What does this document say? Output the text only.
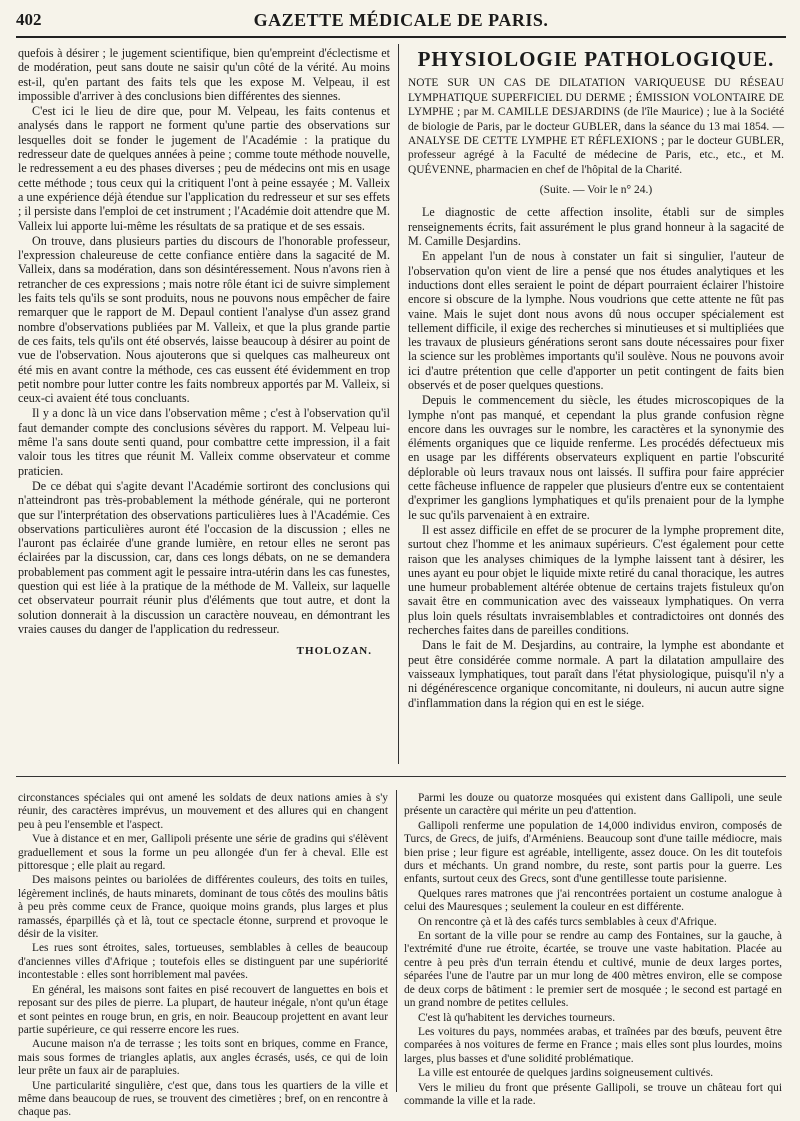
402	GAZETTE MÉDICALE DE PARIS.

quefois à désirer ; le jugement scientifique, bien qu'empreint d'éclectisme et de modération, peut sans doute ne saisir qu'un côté de la vérité. Au moins est-il, qu'en partant des faits tels que les expose M. Velpeau, il est impossible d'arriver à des conclusions bien différentes des siennes.

C'est ici le lieu de dire que, pour M. Velpeau, les faits contenus et analysés dans le rapport ne forment qu'une partie des observations sur lesquelles doit se fonder le jugement de l'Académie : la pratique du redresseur date de quelques années à peine ; comme toute méthode nouvelle, le redressement a eu des phases diverses ; peu de médecins ont mis en usage cette méthode ; tous ceux qui la critiquent l'ont à peine essayée ; M. Valleix a une expérience déjà étendue sur l'application du redresseur et sur ses effets ; il persiste dans l'emploi de cet instrument ; l'Académie doit attendre que M. Valleix lui apporte lui-même les résultats de sa pratique et de ses essais.

On trouve, dans plusieurs parties du discours de l'honorable professeur, l'expression chaleureuse de cette confiance entière dans la sagacité de M. Valleix, dans sa modération, dans son désintéressement. Nous n'avons rien à retrancher de ces expressions ; mais notre rôle étant ici de suivre simplement les faits tels qu'ils se sont produits, nous ne pouvons nous empêcher de faire remarquer que le rapport de M. Depaul contient l'analyse d'un assez grand nombre d'observations publiées par M. Valleix, et que la plus grande partie de ces faits, tels qu'ils ont été observés, laisse beaucoup à désirer au point de vue de l'observation. Nous ajouterons que si quelques cas malheureux ont été mis en avant contre la méthode, ces cas eussent été évidemment en trop petit nombre pour lutter contre les faits nombreux apportés par M. Valleix, si ceux-ci avaient été tous concluants.

Il y a donc là un vice dans l'observation même ; c'est à l'observation qu'il faut demander compte des conclusions sévères du rapport. M. Velpeau lui-même l'a sans doute senti quand, pour combattre cette impression, il a fait valoir tous les titres que réunit M. Valleix comme observateur et comme praticien.

De ce débat qui s'agite devant l'Académie sortiront des conclusions qui n'atteindront pas très-probablement la méthode générale, qui ne porteront que sur l'interprétation des observations particulières lues à l'Académie. Ces observations particulières auront été l'occasion de la discussion ; elles ne l'auront pas éclairée d'une grande lumière, en retour elles ne seront pas éclairées par la discussion, car, dans ces longs débats, on ne se demandera probablement pas comment agit le pessaire intra-utérin dans les cas funestes, question qui est liée à la pratique de la méthode de M. Valleix, sur laquelle cet observateur pourrait réunir plus d'éléments que tout autre, et dont la solution donnerait à la discussion un caractère nouveau, en démontrant les vraies causes du danger de l'application du redresseur.

THOLOZAN.
PHYSIOLOGIE PATHOLOGIQUE.
NOTE SUR UN CAS DE DILATATION VARIQUEUSE DU RÉSEAU LYMPHATIQUE SUPERFICIEL DU DERME ; ÉMISSION VOLONTAIRE DE LYMPHE ; par M. CAMILLE DESJARDINS (de l'île Maurice) ; lue à la Société de biologie de Paris, par le docteur GUBLER, dans la séance du 13 mai 1854. — ANALYSE DE CETTE LYMPHE ET RÉFLEXIONS ; par le docteur GUBLER, professeur agrégé à la Faculté de médecine de Paris, etc., etc., et M. QUÉVENNE, pharmacien en chef de l'hôpital de la Charité.
(Suite. — Voir le n° 24.)

Le diagnostic de cette affection insolite, établi sur de simples renseignements écrits, fait assurément le plus grand honneur à la sagacité de M. Camille Desjardins.

En appelant l'un de nous à constater un fait si singulier, l'auteur de l'observation qu'on vient de lire a pensé que nos études analytiques et les inductions dont elles seraient le point de départ pourraient éclairer l'histoire encore si obscure de la lymphe. Nous voudrions que cette attente ne fût pas vaine. Mais le sujet dont nous avons dû nous occuper spécialement est tellement difficile, il exige des recherches si minutieuses et si multipliées que les travaux de plusieurs générations seront sans doute nécessaires pour fixer la science sur les problèmes importants qu'il soulève. Nous ne pouvons avoir ici d'autre prétention que celle d'apporter un petit contingent de faits bien observés et de poser quelques questions.

Depuis le commencement du siècle, les études microscopiques de la lymphe n'ont pas manqué, et cependant la plus grande confusion règne encore dans les ouvrages sur le nombre, les caractères et la synonymie des éléments organiques que ce liquide renferme. Les procédés défectueux mis en usage par les différents observateurs expliquent en partie l'obscurité déplorable où leurs travaux nous ont laissés. Il suffira pour faire apprécier cette fâcheuse influence de rappeler que plusieurs d'entre eux se contentaient d'exprimer les ganglions lymphatiques et qu'ils prenaient pour de la lymphe le suc qu'ils parvenaient à en extraire.

Il est assez difficile en effet de se procurer de la lymphe proprement dite, surtout chez l'homme et les animaux supérieurs. C'est également pour cette raison que les analyses chimiques de la lymphe laissent tant à désirer, les unes ayant eu pour objet le liquide mixte retiré du canal thoracique, les autres une humeur probablement altérée obtenue de certains trajets fistuleux qu'on savait être en communication avec des vaisseaux lymphatiques. On verra plus loin quels résultats invraisemblables et contradictoires ont donnés des recherches faites dans de pareilles conditions.

Dans le fait de M. Desjardins, au contraire, la lymphe est abondante et peut être considérée comme normale. A part la dilatation ampullaire des vaisseaux lymphatiques, tout paraît dans l'état physiologique, puisqu'il n'y a ni dégénérescence organique concomitante, ni douleurs, ni aucun autre signe d'inflammation dans la région qui en est le siége.

circonstances spéciales qui ont amené les soldats de deux nations amies à s'y réunir, des caractères imprévus, un mouvement et des allures qui en changent peu à peu l'ensemble et l'aspect.

Vue à distance et en mer, Gallipoli présente une série de gradins qui s'élèvent graduellement et sous la forme un peu allongée d'un fer à cheval. Elle est pittoresque ; elle plait au regard.

Des maisons peintes ou bariolées de différentes couleurs, des toits en tuiles, légèrement inclinés, de hauts minarets, dominant de tous côtés des moulins bâtis à peu près comme ceux de France, quoique moins grands, plus larges et plus ramassés, éparpillés çà et là, tout ce spectacle étonne, surprend et provoque le désir de la visiter.

Les rues sont étroites, sales, tortueuses, semblables à celles de beaucoup d'anciennes villes d'Afrique ; toutefois elles se distinguent par une supériorité incontestable : elles sont horriblement mal pavées.

En général, les maisons sont faites en pisé recouvert de languettes en bois et reposant sur des piles de pierre. La plupart, de hauteur inégale, n'ont qu'un étage et sont peintes en rouge brun, en gris, en noir. Beaucoup projettent en avant leur partie supérieure, ce qui resserre encore les rues.

Aucune maison n'a de terrasse ; les toits sont en briques, comme en France, mais sous formes de triangles aplatis, aux angles écrasés, usés, ce qui de loin leur prête un faux air de parapluies.

Une particularité singulière, c'est que, dans tous les quartiers de la ville et même dans beaucoup de rues, se trouvent des cimetières ; bref, on en rencontre à chaque pas.

Parmi les douze ou quatorze mosquées qui existent dans Gallipoli, une seule présente un caractère qui mérite un peu d'attention.

Gallipoli renferme une population de 14,000 individus environ, composés de Turcs, de Grecs, de juifs, d'Arméniens. Beaucoup sont d'une taille médiocre, mais bien prise ; leur figure est agréable, intelligente, assez douce. On les dit toutefois durs et méchants. Un grand nombre, du reste, sont partis pour la guerre. Les enfants, surtout ceux des Grecs, sont d'une gentillesse toute parisienne.

Quelques rares matrones que j'ai rencontrées portaient un costume analogue à celui des Mauresques ; seulement la couleur en est différente.

On rencontre çà et là des cafés turcs semblables à ceux d'Afrique.

En sortant de la ville pour se rendre au camp des Fontaines, sur la gauche, à l'extrémité d'une rue étroite, écartée, se trouve une vaste habitation. Placée au centre à peu près d'un terrain étendu et cultivé, munie de deux larges portes, séparées l'une de l'autre par un mur long de 400 mètres environ, elle se compose de deux corps de bâtiment : le premier sert de mosquée ; le second est partagé en un grand nombre de petites cellules.

C'est là qu'habitent les derviches tourneurs.

Les voitures du pays, nommées arabas, et traînées par des bœufs, peuvent être comparées à nos voitures de ferme en France ; mais elles sont plus lourdes, moins larges, plus basses et d'une solidité problématique.

La ville est entourée de quelques jardins soigneusement cultivés.

Vers le milieu du front que présente Gallipoli, se trouve un château fort qui commande la ville et la rade.
